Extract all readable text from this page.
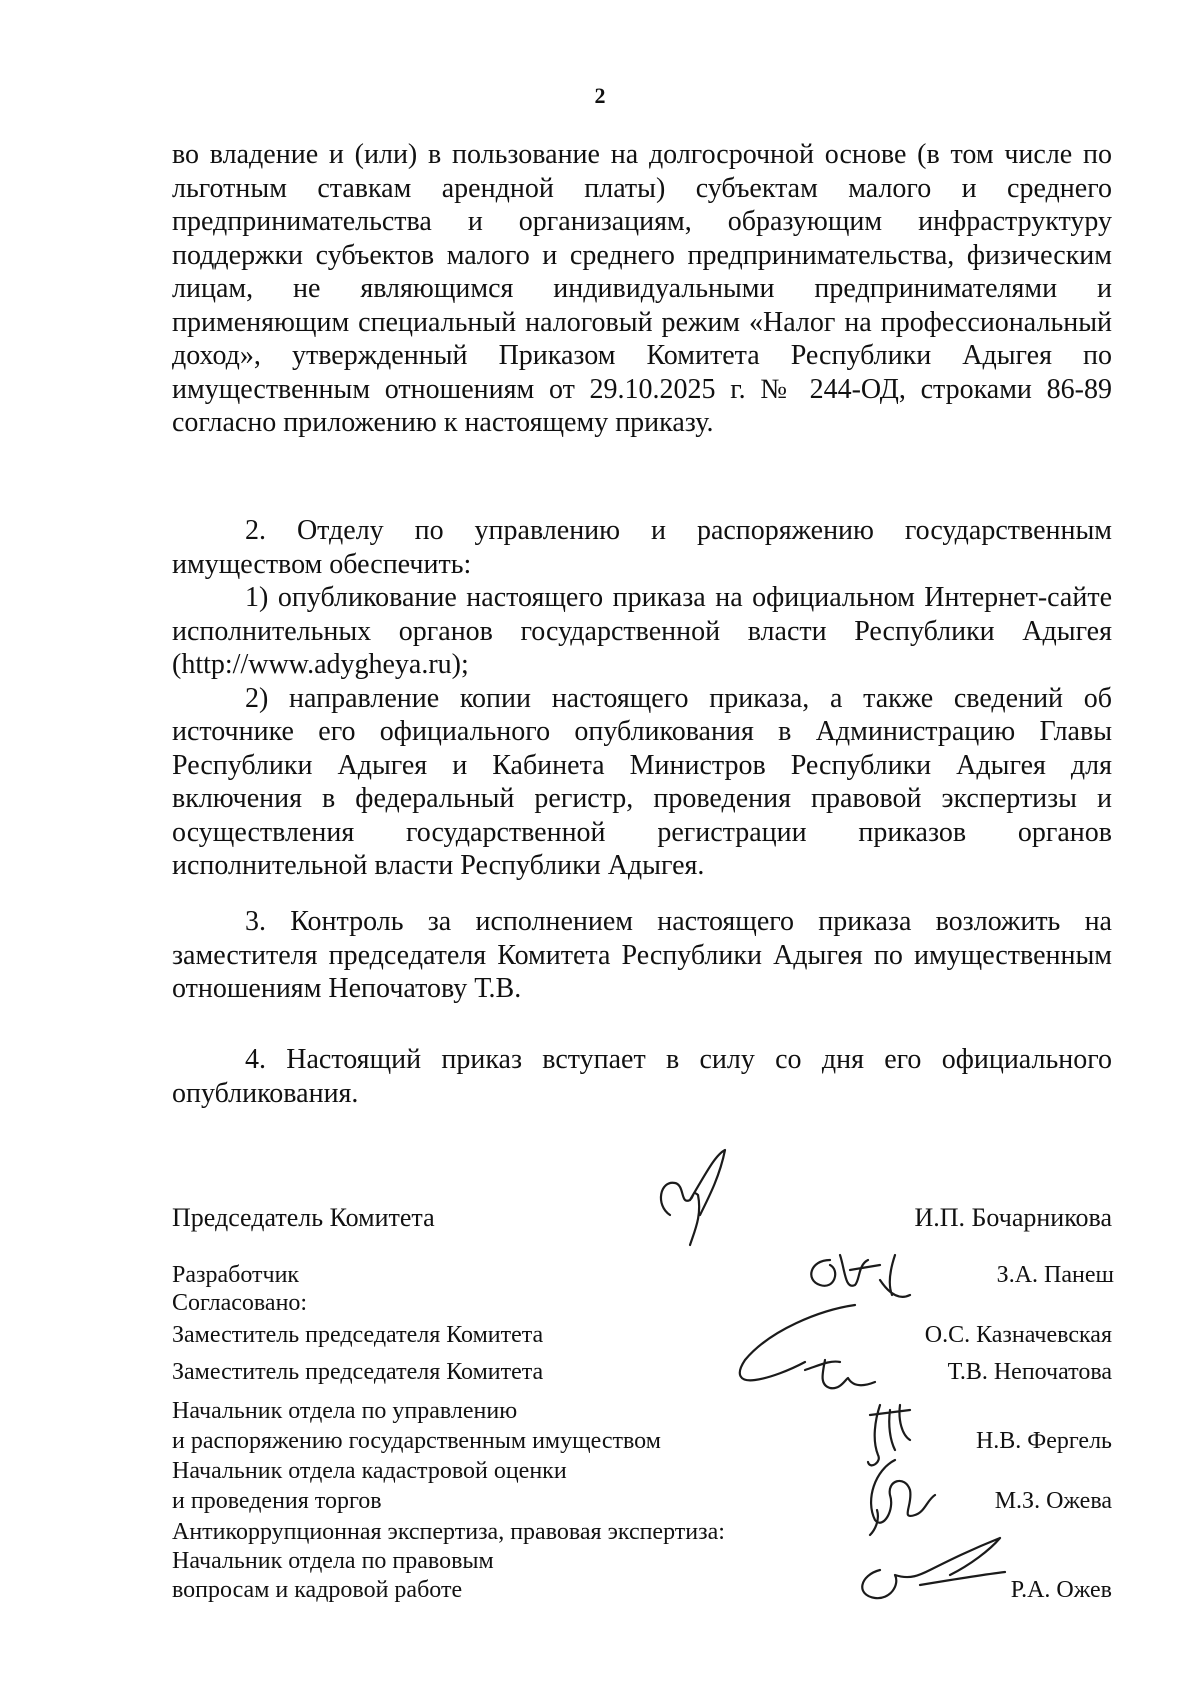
2
во владение и (или) в пользование на долгосрочной основе (в том числе по
льготным ставкам арендной платы) субъектам малого и среднего
предпринимательства и организациям, образующим инфраструктуру
поддержки субъектов малого и среднего предпринимательства, физическим
лицам, не являющимся индивидуальными предпринимателями и
применяющим специальный налоговый режим «Налог на профессиональный
доход», утвержденный Приказом Комитета Республики Адыгея по
имущественным отношениям от 29.10.2025 г. № 244-ОД, строками 86-89
согласно приложению к настоящему приказу.
2. Отделу по управлению и распоряжению государственным
имуществом обеспечить:
1) опубликование настоящего приказа на официальном Интернет-сайте
исполнительных органов государственной власти Республики Адыгея
(http://www.adygheya.ru);
2) направление копии настоящего приказа, а также сведений об
источнике его официального опубликования в Администрацию Главы
Республики Адыгея и Кабинета Министров Республики Адыгея для
включения в федеральный регистр, проведения правовой экспертизы и
осуществления государственной регистрации приказов органов
исполнительной власти Республики Адыгея.
3. Контроль за исполнением настоящего приказа возложить на
заместителя председателя Комитета Республики Адыгея по имущественным
отношениям Непочатову Т.В.
4. Настоящий приказ вступает в силу со дня его официального
опубликования.
Председатель Комитета
Разработчик
Согласовано:
Заместитель председателя Комитета
Заместитель председателя Комитета
Начальник отдела по управлению
и распоряжению государственным имуществом
Начальник отдела кадастровой оценки
и проведения торгов
Антикоррупционная экспертиза, правовая экспертиза:
Начальник отдела по правовым
вопросам и кадровой работе
И.П. Бочарникова
З.А. Панеш
О.С. Казначевская
Т.В. Непочатова
Н.В. Фергель
М.З. Ожева
Р.А. Ожев
